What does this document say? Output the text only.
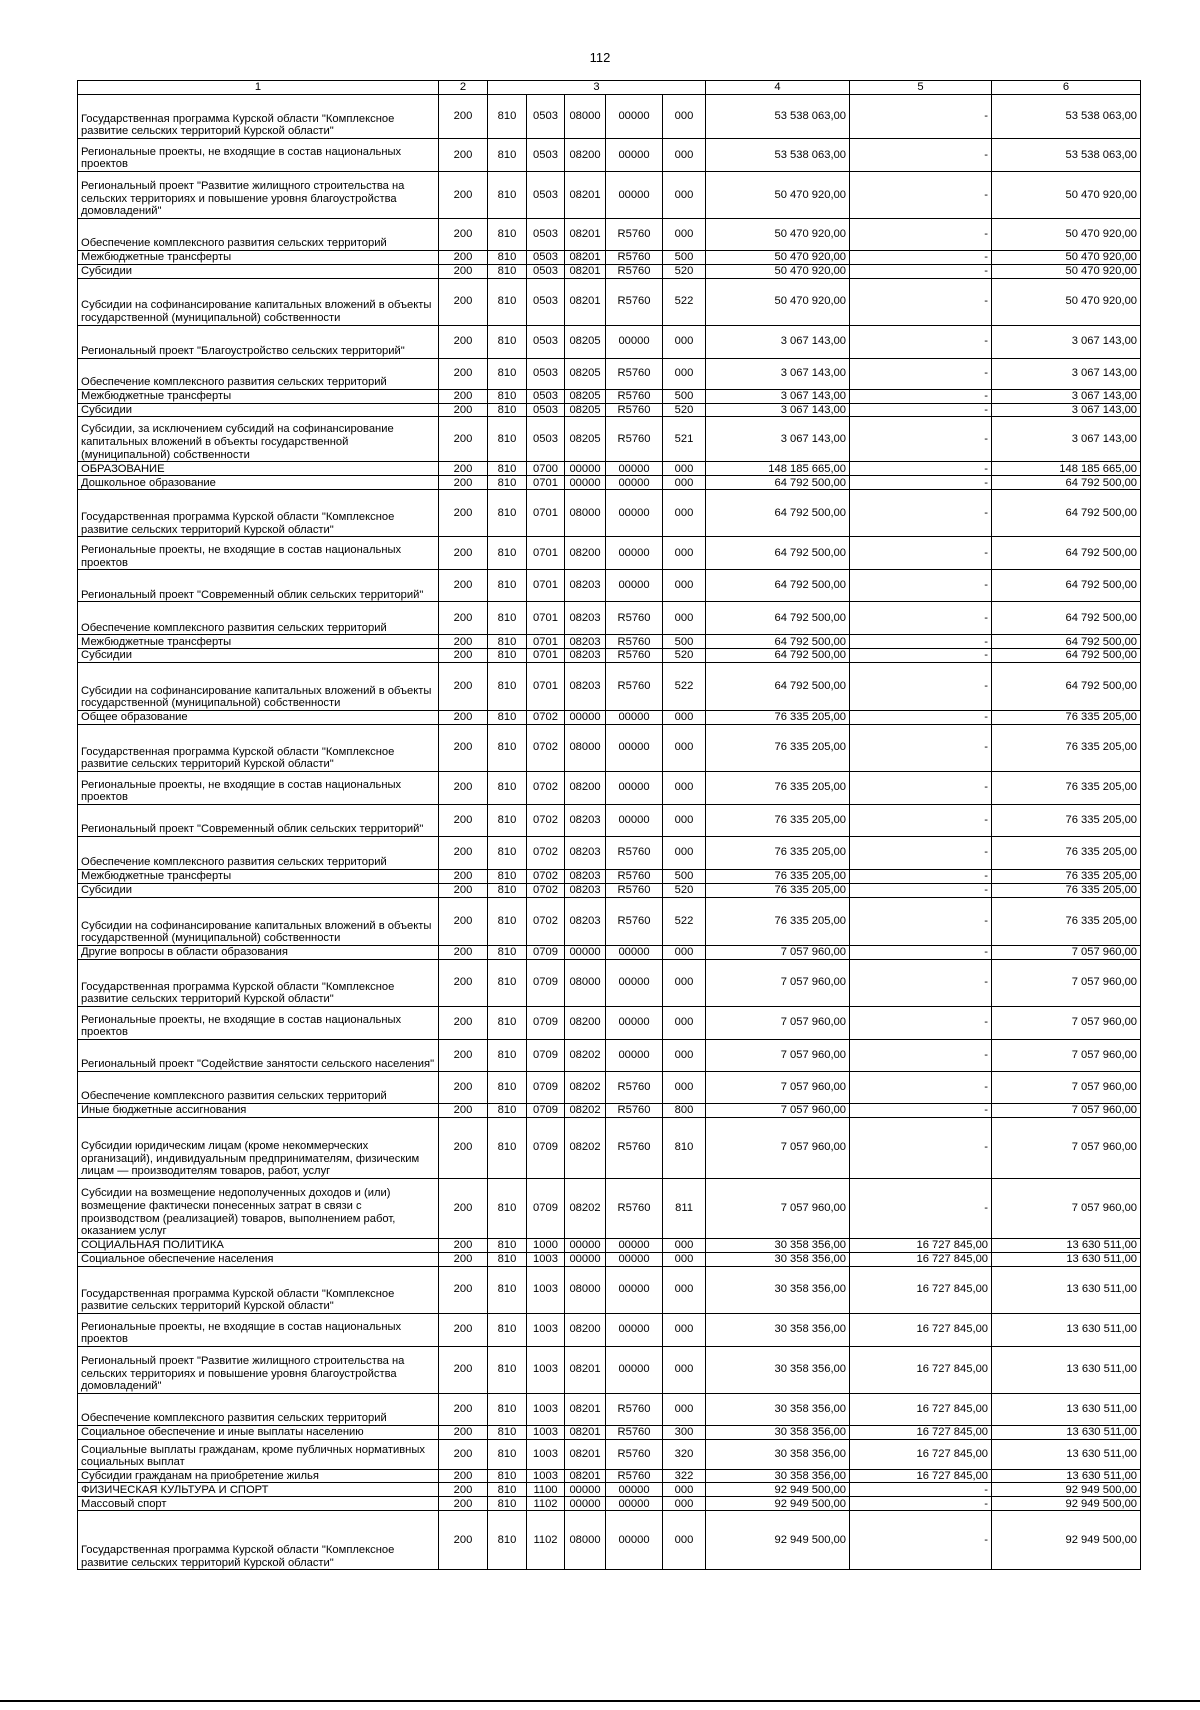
112
1	2	3					4	5	6
Государственная программа Курской области "Комплексное развитие сельских территорий Курской области"	200	810	0503	08000	00000	000	53 538 063,00	-	53 538 063,00
Региональные проекты, не входящие в состав национальных проектов	200	810	0503	08200	00000	000	53 538 063,00	-	53 538 063,00
Региональный проект "Развитие жилищного строительства на сельских территориях и повышение уровня благоустройства домовладений"	200	810	0503	08201	00000	000	50 470 920,00	-	50 470 920,00
Обеспечение комплексного развития сельских территорий	200	810	0503	08201	R5760	000	50 470 920,00	-	50 470 920,00
Межбюджетные трансферты	200	810	0503	08201	R5760	500	50 470 920,00	-	50 470 920,00
Субсидии	200	810	0503	08201	R5760	520	50 470 920,00	-	50 470 920,00
Субсидии на софинансирование капитальных вложений в объекты государственной (муниципальной) собственности	200	810	0503	08201	R5760	522	50 470 920,00	-	50 470 920,00
Региональный проект "Благоустройство сельских территорий"	200	810	0503	08205	00000	000	3 067 143,00	-	3 067 143,00
Обеспечение комплексного развития сельских территорий	200	810	0503	08205	R5760	000	3 067 143,00	-	3 067 143,00
Межбюджетные трансферты	200	810	0503	08205	R5760	500	3 067 143,00	-	3 067 143,00
Субсидии	200	810	0503	08205	R5760	520	3 067 143,00	-	3 067 143,00
Субсидии, за исключением субсидий на софинансирование капитальных вложений в объекты государственной (муниципальной) собственности	200	810	0503	08205	R5760	521	3 067 143,00	-	3 067 143,00
ОБРАЗОВАНИЕ	200	810	0700	00000	00000	000	148 185 665,00	-	148 185 665,00
Дошкольное образование	200	810	0701	00000	00000	000	64 792 500,00	-	64 792 500,00
Государственная программа Курской области "Комплексное развитие сельских территорий Курской области"	200	810	0701	08000	00000	000	64 792 500,00	-	64 792 500,00
Региональные проекты, не входящие в состав национальных проектов	200	810	0701	08200	00000	000	64 792 500,00	-	64 792 500,00
Региональный проект "Современный облик сельских территорий"	200	810	0701	08203	00000	000	64 792 500,00	-	64 792 500,00
Обеспечение комплексного развития сельских территорий	200	810	0701	08203	R5760	000	64 792 500,00	-	64 792 500,00
Межбюджетные трансферты	200	810	0701	08203	R5760	500	64 792 500,00	-	64 792 500,00
Субсидии	200	810	0701	08203	R5760	520	64 792 500,00	-	64 792 500,00
Субсидии на софинансирование капитальных вложений в объекты государственной (муниципальной) собственности	200	810	0701	08203	R5760	522	64 792 500,00	-	64 792 500,00
Общее образование	200	810	0702	00000	00000	000	76 335 205,00	-	76 335 205,00
Государственная программа Курской области "Комплексное развитие сельских территорий Курской области"	200	810	0702	08000	00000	000	76 335 205,00	-	76 335 205,00
Региональные проекты, не входящие в состав национальных проектов	200	810	0702	08200	00000	000	76 335 205,00	-	76 335 205,00
Региональный проект "Современный облик сельских территорий"	200	810	0702	08203	00000	000	76 335 205,00	-	76 335 205,00
Обеспечение комплексного развития сельских территорий	200	810	0702	08203	R5760	000	76 335 205,00	-	76 335 205,00
Межбюджетные трансферты	200	810	0702	08203	R5760	500	76 335 205,00	-	76 335 205,00
Субсидии	200	810	0702	08203	R5760	520	76 335 205,00	-	76 335 205,00
Субсидии на софинансирование капитальных вложений в объекты государственной (муниципальной) собственности	200	810	0702	08203	R5760	522	76 335 205,00	-	76 335 205,00
Другие вопросы в области образования	200	810	0709	00000	00000	000	7 057 960,00	-	7 057 960,00
Государственная программа Курской области "Комплексное развитие сельских территорий Курской области"	200	810	0709	08000	00000	000	7 057 960,00	-	7 057 960,00
Региональные проекты, не входящие в состав национальных проектов	200	810	0709	08200	00000	000	7 057 960,00	-	7 057 960,00
Региональный проект "Содействие занятости сельского населения"	200	810	0709	08202	00000	000	7 057 960,00	-	7 057 960,00
Обеспечение комплексного развития сельских территорий	200	810	0709	08202	R5760	000	7 057 960,00	-	7 057 960,00
Иные бюджетные ассигнования	200	810	0709	08202	R5760	800	7 057 960,00	-	7 057 960,00
Субсидии юридическим лицам (кроме некоммерческих организаций), индивидуальным предпринимателям, физическим лицам — производителям товаров, работ, услуг	200	810	0709	08202	R5760	810	7 057 960,00	-	7 057 960,00
Субсидии на возмещение недополученных доходов и (или) возмещение фактически понесенных затрат в связи с производством (реализацией) товаров, выполнением работ, оказанием услуг	200	810	0709	08202	R5760	811	7 057 960,00	-	7 057 960,00
СОЦИАЛЬНАЯ ПОЛИТИКА	200	810	1000	00000	00000	000	30 358 356,00	16 727 845,00	13 630 511,00
Социальное обеспечение населения	200	810	1003	00000	00000	000	30 358 356,00	16 727 845,00	13 630 511,00
Государственная программа Курской области "Комплексное развитие сельских территорий Курской области"	200	810	1003	08000	00000	000	30 358 356,00	16 727 845,00	13 630 511,00
Региональные проекты, не входящие в состав национальных проектов	200	810	1003	08200	00000	000	30 358 356,00	16 727 845,00	13 630 511,00
Региональный проект "Развитие жилищного строительства на сельских территориях и повышение уровня благоустройства домовладений"	200	810	1003	08201	00000	000	30 358 356,00	16 727 845,00	13 630 511,00
Обеспечение комплексного развития сельских территорий	200	810	1003	08201	R5760	000	30 358 356,00	16 727 845,00	13 630 511,00
Социальное обеспечение и иные выплаты населению	200	810	1003	08201	R5760	300	30 358 356,00	16 727 845,00	13 630 511,00
Социальные выплаты гражданам, кроме публичных нормативных социальных выплат	200	810	1003	08201	R5760	320	30 358 356,00	16 727 845,00	13 630 511,00
Субсидии гражданам на приобретение жилья	200	810	1003	08201	R5760	322	30 358 356,00	16 727 845,00	13 630 511,00
ФИЗИЧЕСКАЯ КУЛЬТУРА И СПОРТ	200	810	1100	00000	00000	000	92 949 500,00	-	92 949 500,00
Массовый спорт	200	810	1102	00000	00000	000	92 949 500,00	-	92 949 500,00
Государственная программа Курской области "Комплексное развитие сельских территорий Курской области"	200	810	1102	08000	00000	000	92 949 500,00	-	92 949 500,00
